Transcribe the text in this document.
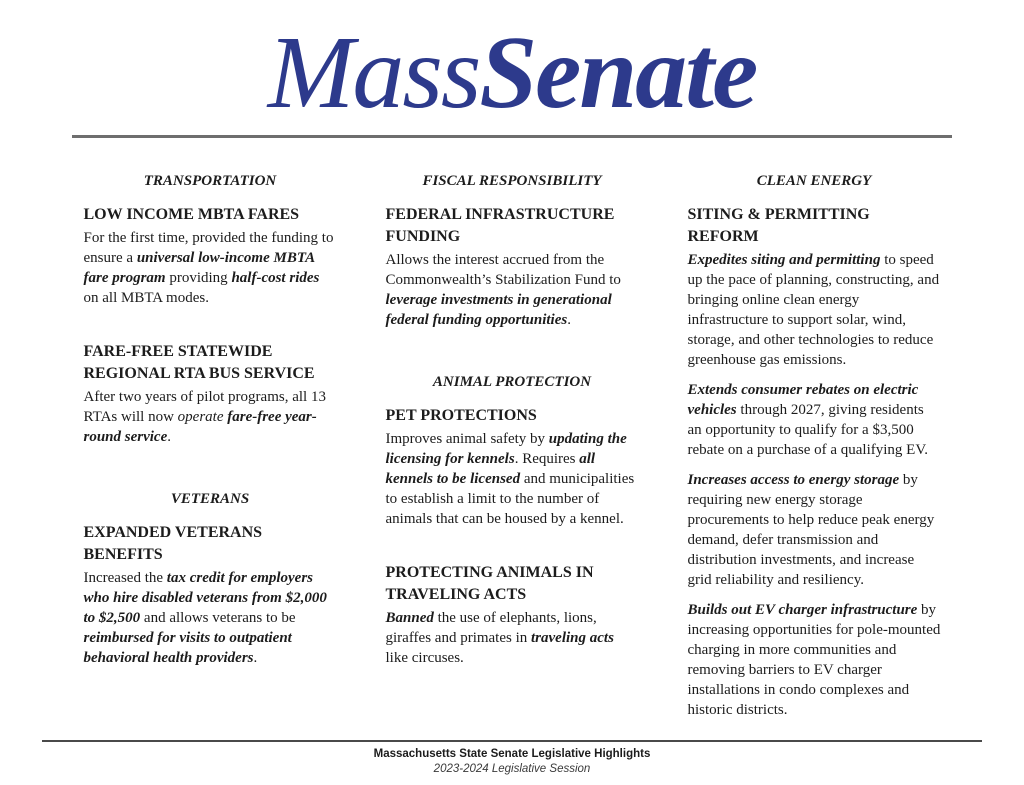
MassSenate
TRANSPORTATION
LOW INCOME MBTA FARES

For the first time, provided the funding to ensure a universal low-income MBTA fare program providing half-cost rides on all MBTA modes.

FARE-FREE STATEWIDE REGIONAL RTA BUS SERVICE

After two years of pilot programs, all 13 RTAs will now operate fare-free year-round service.

VETERANS
EXPANDED VETERANS BENEFITS

Increased the tax credit for employers who hire disabled veterans from $2,000 to $2,500 and allows veterans to be reimbursed for visits to outpatient behavioral health providers.

FISCAL RESPONSIBILITY
FEDERAL INFRASTRUCTURE FUNDING

Allows the interest accrued from the Commonwealth’s Stabilization Fund to leverage investments in generational federal funding opportunities.

ANIMAL PROTECTION
PET PROTECTIONS

Improves animal safety by updating the licensing for kennels. Requires all kennels to be licensed and municipalities to establish a limit to the number of animals that can be housed by a kennel.

PROTECTING ANIMALS IN TRAVELING ACTS

Banned the use of elephants, lions, giraffes and primates in traveling acts like circuses.

CLEAN ENERGY
SITING & PERMITTING REFORM

Expedites siting and permitting to speed up the pace of planning, constructing, and bringing online clean energy infrastructure to support solar, wind, storage, and other technologies to reduce greenhouse gas emissions.

Extends consumer rebates on electric vehicles through 2027, giving residents an opportunity to qualify for a $3,500 rebate on a purchase of a qualifying EV.

Increases access to energy storage by requiring new energy storage procurements to help reduce peak energy demand, defer transmission and distribution investments, and increase grid reliability and resiliency.

Builds out EV charger infrastructure by increasing opportunities for pole-mounted charging in more communities and removing barriers to EV charger installations in condo complexes and historic districts.

Massachusetts State Senate Legislative Highlights
2023-2024 Legislative Session
